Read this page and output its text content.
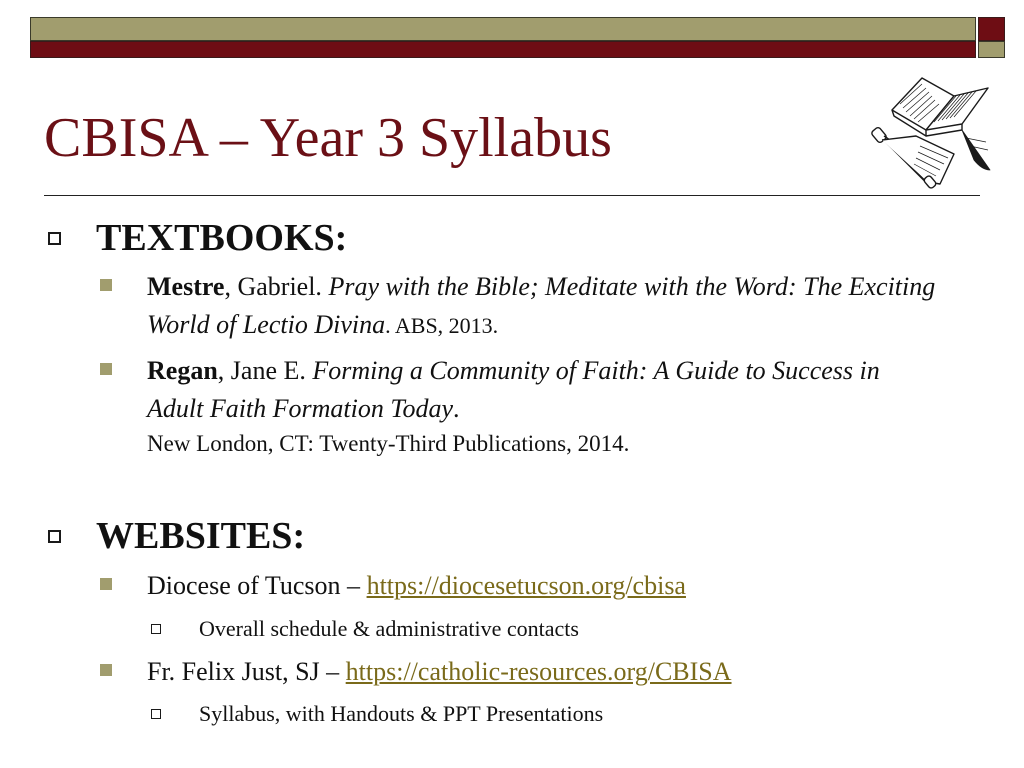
CBISA – Year 3 Syllabus
TEXTBOOKS:
Mestre, Gabriel. Pray with the Bible; Meditate with the Word: The Exciting World of Lectio Divina. ABS, 2013.
Regan, Jane E. Forming a Community of Faith: A Guide to Success in Adult Faith Formation Today.
New London, CT: Twenty-Third Publications, 2014.
WEBSITES:
Diocese of Tucson – https://diocesetucson.org/cbisa
Overall schedule & administrative contacts
Fr. Felix Just, SJ – https://catholic-resources.org/CBISA
Syllabus, with Handouts & PPT Presentations
